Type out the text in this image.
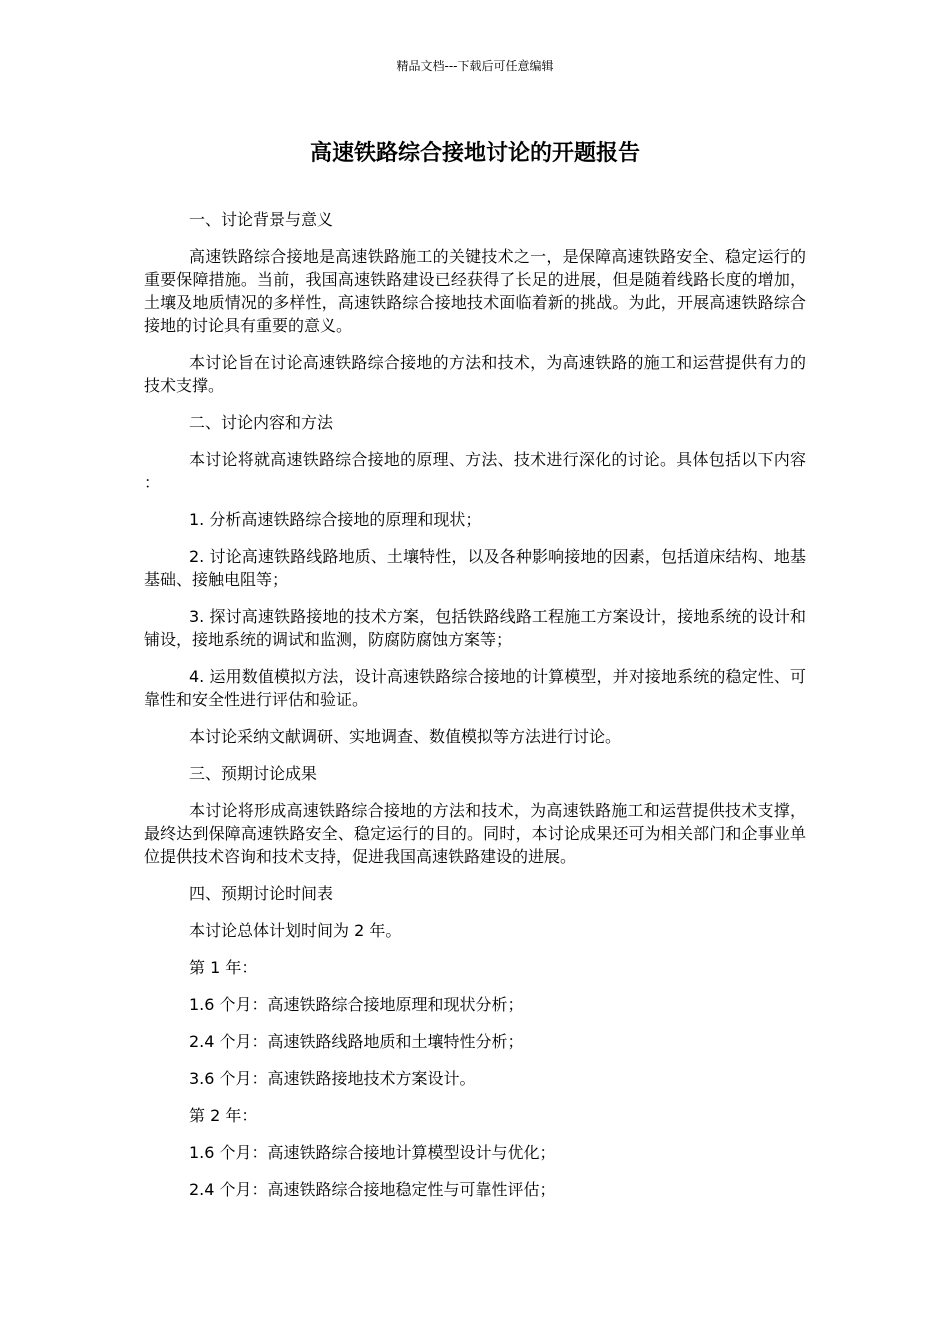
精品文档---下载后可任意编辑
高速铁路综合接地讨论的开题报告

一、讨论背景与意义

高速铁路综合接地是高速铁路施工的关键技术之一，是保障高速铁路安全、稳定运行的重要保障措施。当前，我国高速铁路建设已经获得了长足的进展，但是随着线路长度的增加，土壤及地质情况的多样性，高速铁路综合接地技术面临着新的挑战。为此，开展高速铁路综合接地的讨论具有重要的意义。

本讨论旨在讨论高速铁路综合接地的方法和技术，为高速铁路的施工和运营提供有力的技术支撑。

二、讨论内容和方法

本讨论将就高速铁路综合接地的原理、方法、技术进行深化的讨论。具体包括以下内容：

1. 分析高速铁路综合接地的原理和现状；

2. 讨论高速铁路线路地质、土壤特性，以及各种影响接地的因素，包括道床结构、地基基础、接触电阻等；

3. 探讨高速铁路接地的技术方案，包括铁路线路工程施工方案设计，接地系统的设计和铺设，接地系统的调试和监测，防腐防腐蚀方案等；

4. 运用数值模拟方法，设计高速铁路综合接地的计算模型，并对接地系统的稳定性、可靠性和安全性进行评估和验证。

本讨论采纳文献调研、实地调查、数值模拟等方法进行讨论。

三、预期讨论成果

本讨论将形成高速铁路综合接地的方法和技术，为高速铁路施工和运营提供技术支撑，最终达到保障高速铁路安全、稳定运行的目的。同时，本讨论成果还可为相关部门和企事业单位提供技术咨询和技术支持，促进我国高速铁路建设的进展。

四、预期讨论时间表

本讨论总体计划时间为 2 年。

第 1 年：

1.6 个月：高速铁路综合接地原理和现状分析；

2.4 个月：高速铁路线路地质和土壤特性分析；

3.6 个月：高速铁路接地技术方案设计。

第 2 年：

1.6 个月：高速铁路综合接地计算模型设计与优化；

2.4 个月：高速铁路综合接地稳定性与可靠性评估；
